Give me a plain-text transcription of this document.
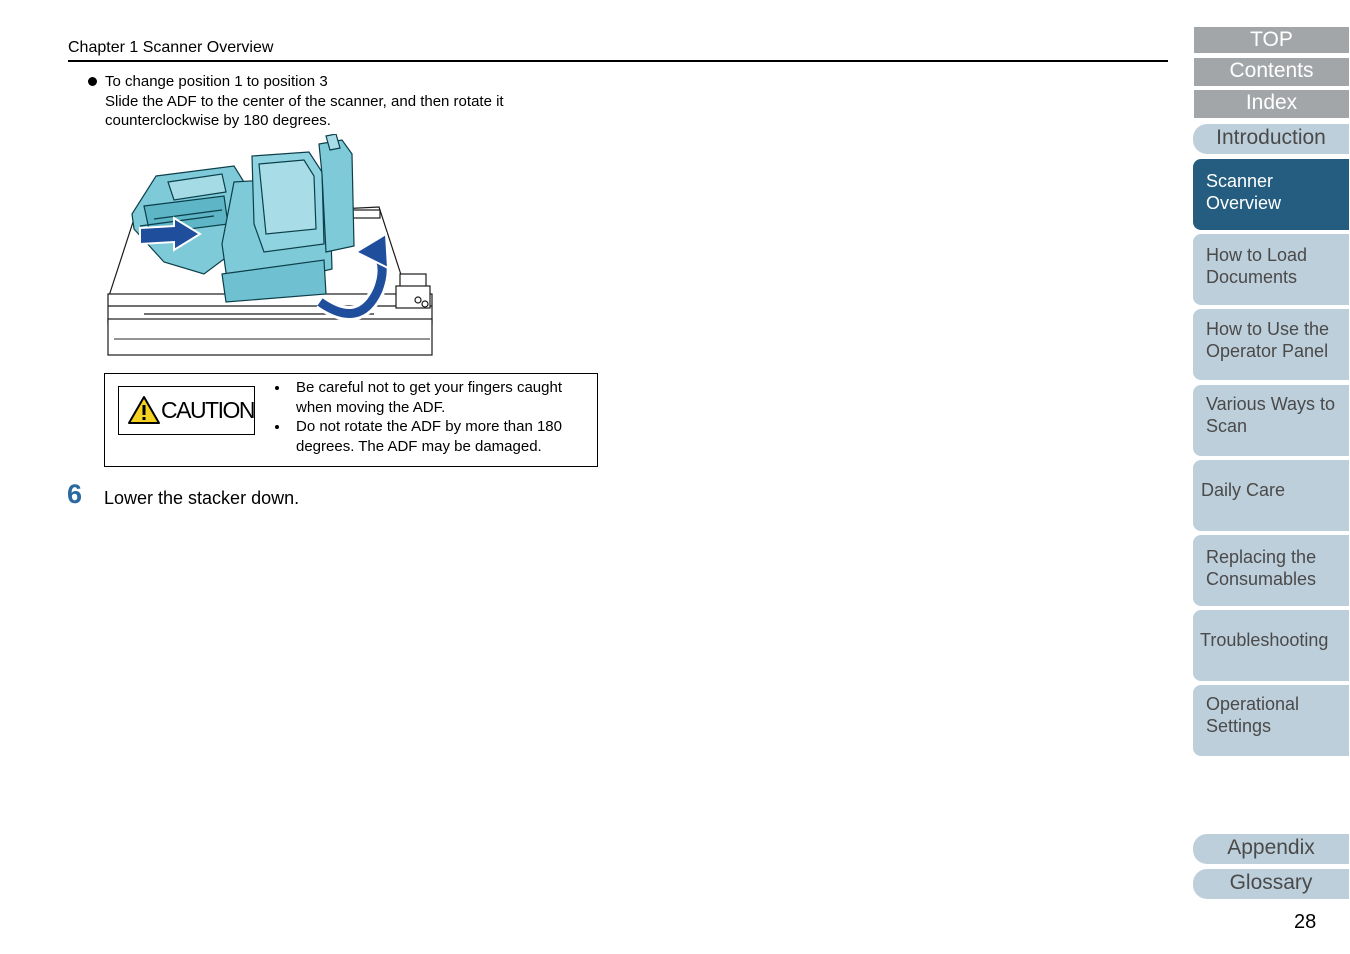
Chapter 1 Scanner Overview
To change position 1 to position 3
Slide the ADF to the center of the scanner, and then rotate it
counterclockwise by 180 degrees.
CAUTION
Be careful not to get your fingers caught when moving the ADF.
Do not rotate the ADF by more than 180 degrees. The ADF may be damaged.
6 Lower the stacker down.
TOP
Contents
Index
Introduction
Scanner
Overview
How to Load
Documents
How to Use the
Operator Panel
Various Ways to
Scan
Daily Care
Replacing the
Consumables
Troubleshooting
Operational
Settings
Appendix
Glossary
28
